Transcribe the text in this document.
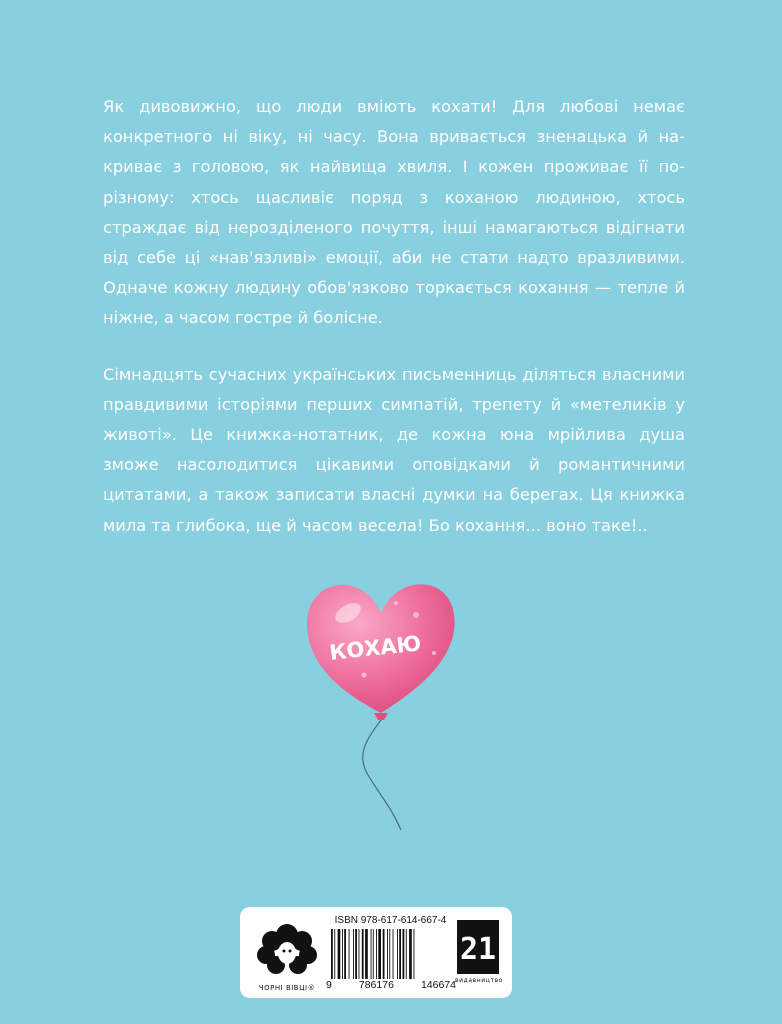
Як дивовижно, що люди вміють кохати! Для любові немає конкретного ні віку, ні часу. Вона вривається зненацька й накриває з головою, як найвища хвиля. І кожен проживає її по-різному: хтось щасливіє поряд з коханою людиною, хтось страждає від нерозділеного почуття, інші намагаються відігнати від себе ці «нав'язливі» емоції, аби не стати надто вразливими. Одначе кожну людину обов'язково торкається кохання — тепле й ніжне, а часом гостре й болісне.

Сімнадцять сучасних українських письменниць діляться власними правдивими історіями перших симпатій, трепету й «метеликів у животі». Це книжка-нотатник, де кожна юна мрійлива душа зможе насолодитися цікавими оповідками й романтичними цитатами, а також записати власні думки на берегах. Ця книжка мила та глибока, ще й часом весела! Бо кохання... воно таке!..

КОХАЮ
ЧОРНІ ВІВЦІ®
ISBN 978-617-614-667-4
9	786176	146674
21
видавництво
